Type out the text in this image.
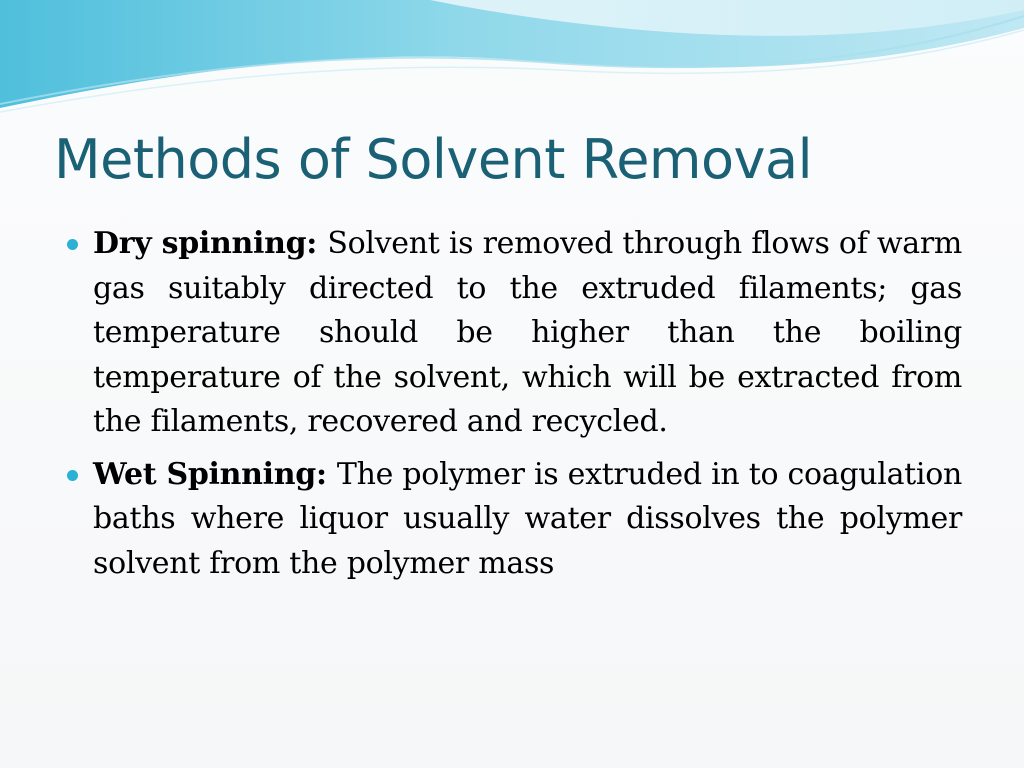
Methods of Solvent Removal
Dry spinning: Solvent is removed through flows of warm gas suitably directed to the extruded filaments; gas temperature should be higher than the boiling temperature of the solvent, which will be extracted from the filaments, recovered and recycled.
Wet Spinning: The polymer is extruded in to coagulation baths where liquor usually water dissolves the polymer solvent from the polymer mass
